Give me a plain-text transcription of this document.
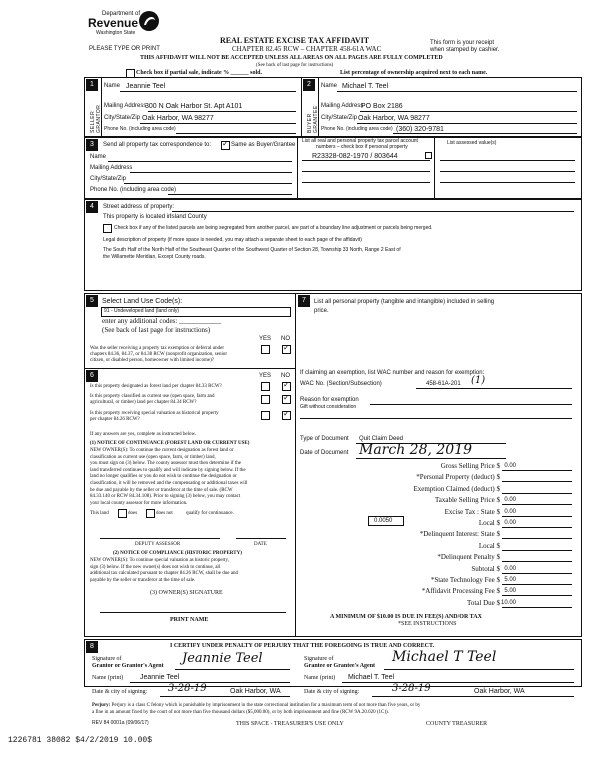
Department of
Revenue
Washington State
PLEASE TYPE OR PRINT
REAL ESTATE EXCISE TAX AFFIDAVIT
CHAPTER 82.45 RCW – CHAPTER 458-61A WAC
THIS AFFIDAVIT WILL NOT BE ACCEPTED UNLESS ALL AREAS ON ALL PAGES ARE FULLY COMPLETED
(See back of last page for instructions)
This form is your receipt
when stamped by cashier.
Check box if partial sale, indicate % ______ sold.	List percentage of ownership acquired next to each name.
1
SELLER GRANTOR
Name Jeannie Teel
Mailing Address
300 N Oak Harbor St. Apt A101
City/State/Zip Oak Harbor, WA 98277
Phone No. (including area code)
2
BUYER GRANTEE
Name Michael T. Teel
Mailing Address
PO Box 2186
City/State/Zip Oak Harbor, WA 98277
Phone No. (including area code) (360) 320-9781
3	Send all property tax correspondence to:
✓	Same as Buyer/Grantee
List all real and personal property tax parcel account
numbers – check box if personal property
List assessed value(s)
R23328-082-1970 / 803644
Name
Mailing Address
City/State/Zip
Phone No. (including area code)
4	Street address of property:
This property is located in
Island County
Check box if any of the listed parcels are being segregated from another parcel, are part of a boundary line adjustment or parcels being merged.
Legal description of property (if more space is needed, you may attach a separate sheet to each page of the affidavit)
The South Half of the North Half of the Southeast Quarter of the Southwest Quarter of Section 28, Township 33 North, Range 2 East of
the Willamette Meridian, Except County roads.
5	Select Land Use Code(s):
91 - Undeveloped land (land only)
enter any additional codes: ____________
(See back of last page for instructions)
YES NO
Was the seller receiving a property tax exemption or deferral under
chapters 84.36, 84.37, or 84.38 RCW (nonprofit organization, senior
citizen, or disabled person, homeowner with limited income)?
✓
6	YES NO
Is this property designated as forest land per chapter 84.33 RCW?
✓
Is this property classified as current use (open space, farm and
agricultural, or timber) land per chapter 84.34 RCW?
✓
Is this property receiving special valuation as historical property
per chapter 84.26 RCW?
✓
If any answers are yes, complete as instructed below.
(1) NOTICE OF CONTINUANCE (FOREST LAND OR CURRENT USE)
NEW OWNER(S): To continue the current designation as forest land or
classification as current use (open space, farm, or timber) land,
you must sign on (3) below. The county assessor must then determine if the
land transferred continues to qualify and will indicate by signing below. If the
land no longer qualifies or you do not wish to continue the designation or
classification, it will be removed and the compensating or additional taxes will
be due and payable by the seller or transferor at the time of sale. (RCW
84.33.140 or RCW 84.34.108). Prior to signing (3) below, you may contact
your local county assessor for more information.
This land	does	does not	qualify for continuance.
DEPUTY ASSESSOR	DATE
(2) NOTICE OF COMPLIANCE (HISTORIC PROPERTY)
NEW OWNER(S): To continue special valuation as historic property,
sign (3) below. If the new owner(s) does not wish to continue, all
additional tax calculated pursuant to chapter 84.26 RCW, shall be due and
payable by the seller or transferor at the time of sale.
(3) OWNER(S) SIGNATURE
PRINT NAME
7	List all personal property (tangible and intangible) included in selling
price.
If claiming an exemption, list WAC number and reason for exemption:
WAC No. (Section/Subsection)	458-61A-201 (1)
Reason for exemption
Gift without consideration
Type of Document Quit Claim Deed
Date of Document March 28, 2019
Gross Selling Price $ 0.00
*Personal Property (deduct) $
Exemption Claimed (deduct) $
Taxable Selling Price $ 0.00
Excise Tax : State $ 0.00
Local $ 0.00
*Delinquent Interest: State $
Local $
*Delinquent Penalty $
Subtotal $ 0.00
*State Technology Fee $ 5.00
*Affidavit Processing Fee $ 5.00
Total Due $ 10.00
0.0050
A MINIMUM OF $10.00 IS DUE IN FEE(S) AND/OR TAX
*SEE INSTRUCTIONS
8	I CERTIFY UNDER PENALTY OF PERJURY THAT THE FOREGOING IS TRUE AND CORRECT.
Signature of
Grantor or Grantor's Agent Jeannie Teel	Signature of
Grantee or Grantee's Agent
Michael T Teel
Name (print) Jeannie Teel	Name (print) Michael T. Teel
Date & city of signing: 3-28-19	Oak Harbor, WA	Date & city of signing:	3-28-19	Oak Harbor, WA
Perjury: Perjury is a class C felony which is punishable by imprisonment in the state correctional institution for a maximum term of not more than five years, or by
a fine in an amount fixed by the court of not more than five thousand dollars ($5,000.00), or by both imprisonment and fine (RCW 9A.20.020 (1C)).
REV 84 0001a (09/06/17)	THIS SPACE - TREASURER'S USE ONLY	COUNTY TREASURER
1226781 38082 $4/2/2019 10.00$
